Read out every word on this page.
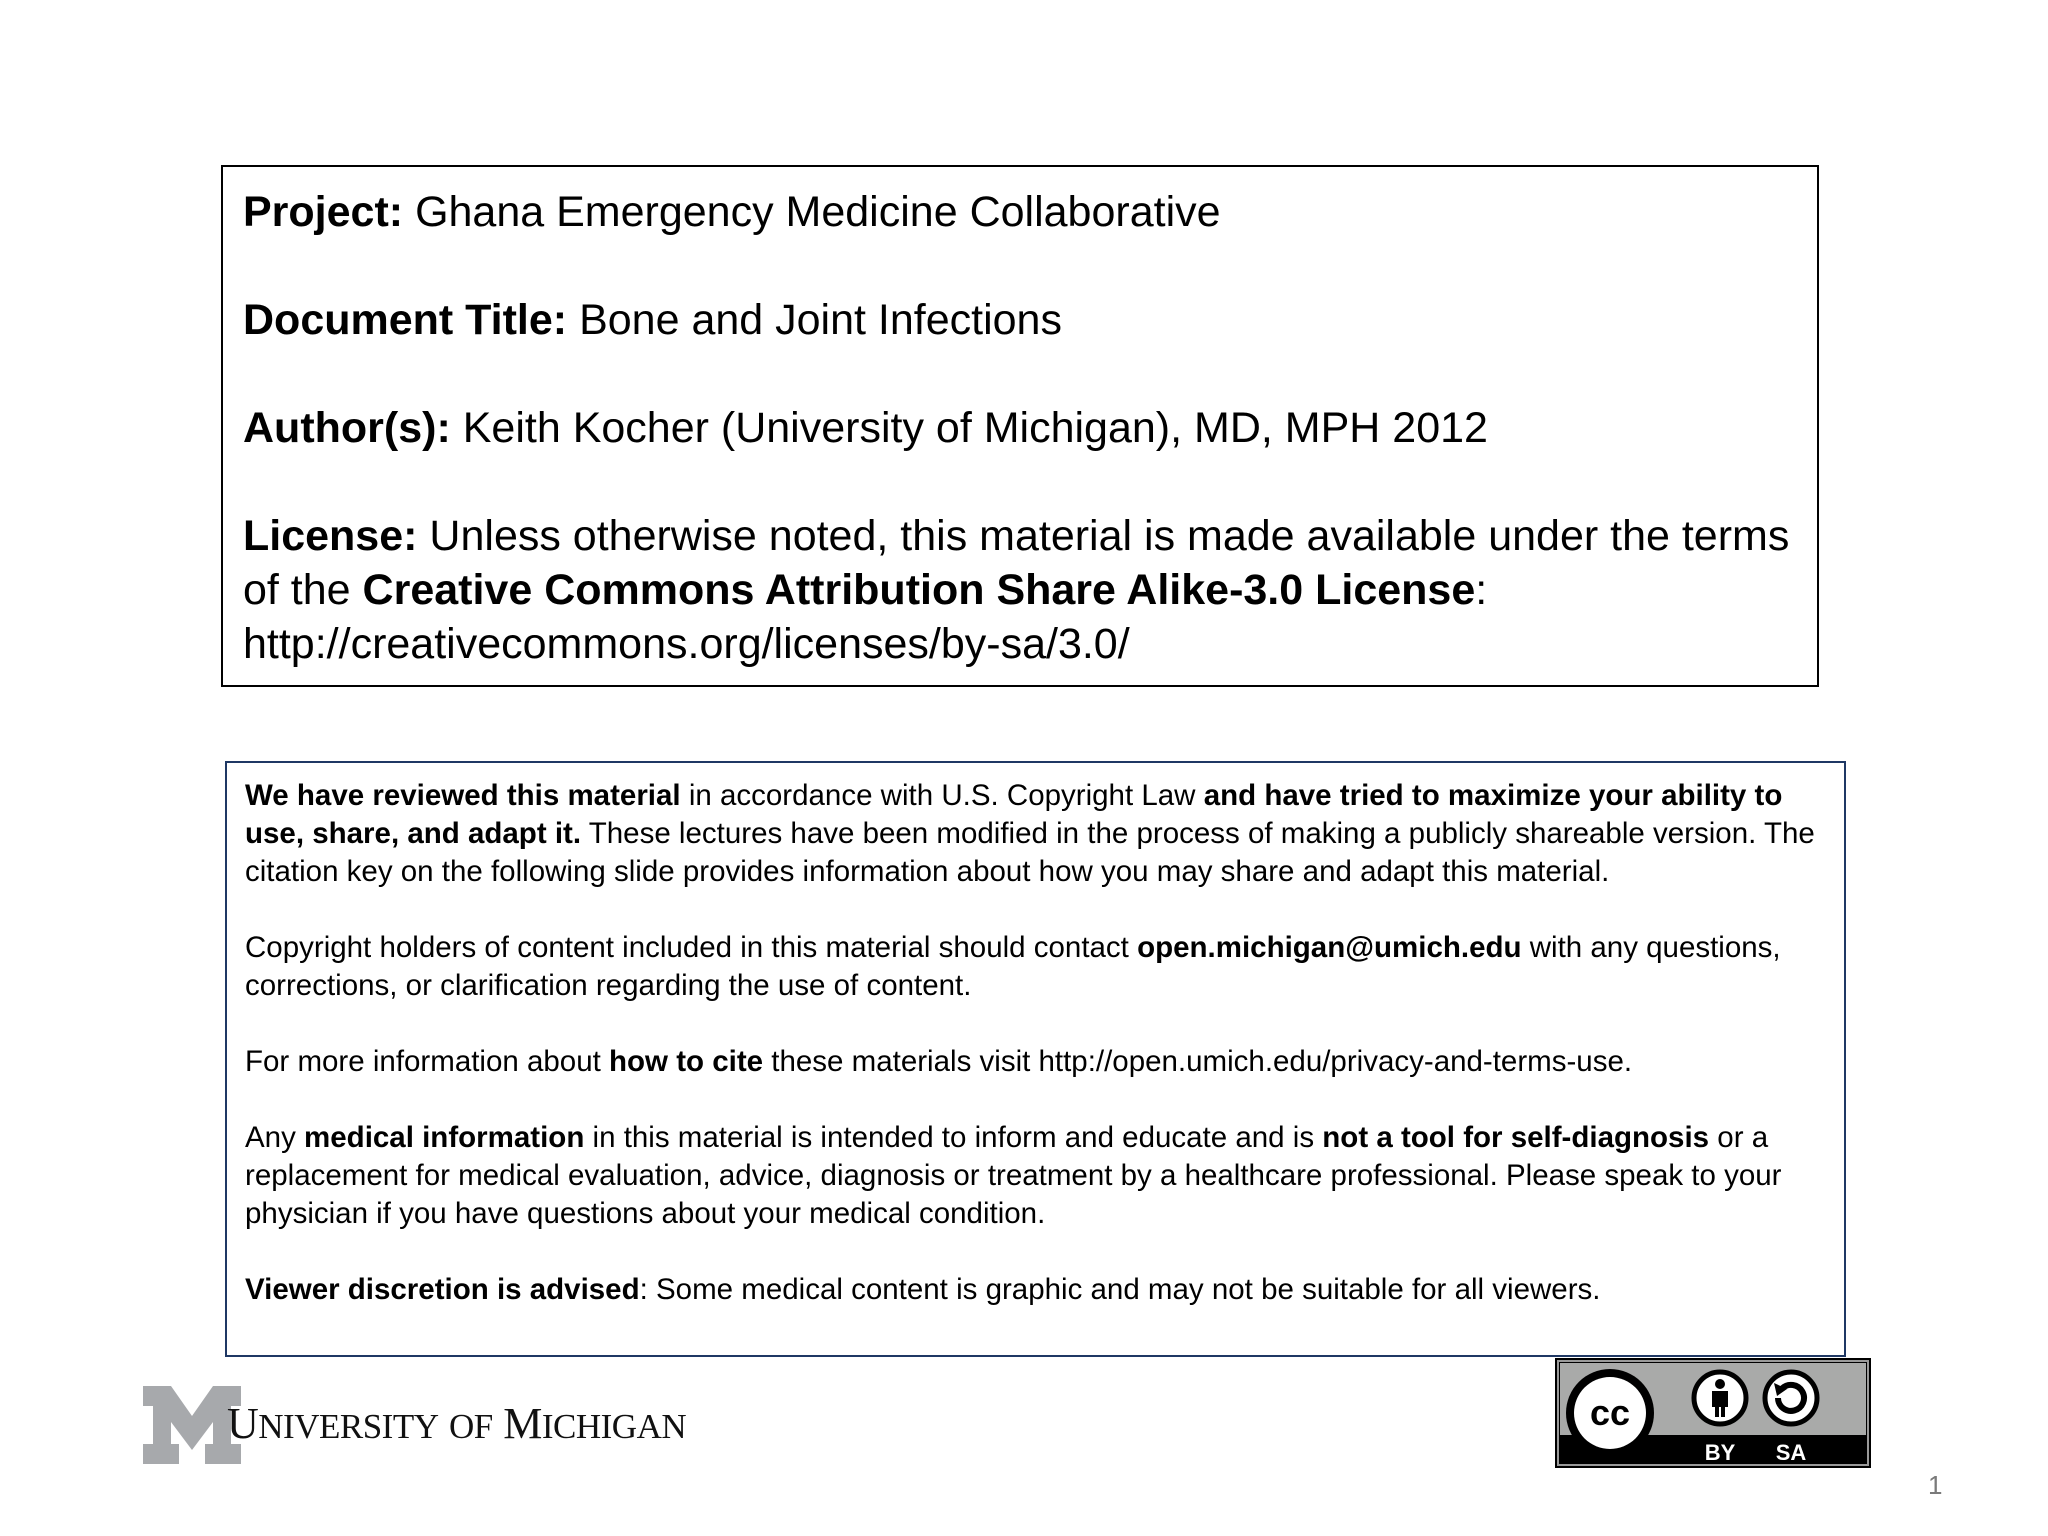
Project: Ghana Emergency Medicine Collaborative
Document Title: Bone and Joint Infections
Author(s): Keith Kocher (University of Michigan), MD, MPH 2012
License: Unless otherwise noted, this material is made available under the terms of the Creative Commons Attribution Share Alike-3.0 License:
http://creativecommons.org/licenses/by-sa/3.0/

We have reviewed this material in accordance with U.S. Copyright Law and have tried to maximize your ability to use, share, and adapt it. These lectures have been modified in the process of making a publicly shareable version. The citation key on the following slide provides information about how you may share and adapt this material.

Copyright holders of content included in this material should contact open.michigan@umich.edu with any questions, corrections, or clarification regarding the use of content.

For more information about how to cite these materials visit http://open.umich.edu/privacy-and-terms-use.

Any medical information in this material is intended to inform and educate and is not a tool for self-diagnosis or a replacement for medical evaluation, advice, diagnosis or treatment by a healthcare professional. Please speak to your physician if you have questions about your medical condition.

Viewer discretion is advised: Some medical content is graphic and may not be suitable for all viewers.

UNIVERSITY OF MICHIGAN	cc
BY SA
1
